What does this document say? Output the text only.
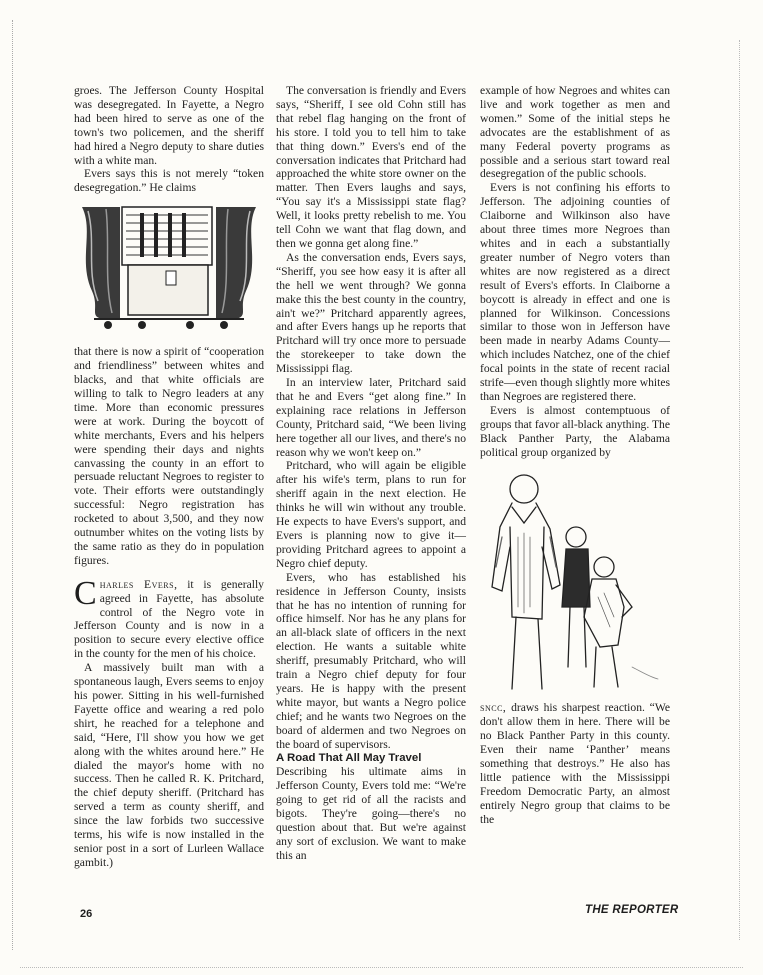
groes. The Jefferson County Hospital was desegregated. In Fayette, a Negro had been hired to serve as one of the town's two policemen, and the sheriff had hired a Negro deputy to share duties with a white man.

Evers says this is not merely “token desegregation.” He claims

that there is now a spirit of “cooperation and friendliness” between whites and blacks, and that white officials are willing to talk to Negro leaders at any time. More than economic pressures were at work. During the boycott of white merchants, Evers and his helpers were spending their days and nights canvassing the county in an effort to persuade reluctant Negroes to register to vote. Their efforts were outstandingly successful: Negro registration has rocketed to about 3,500, and they now outnumber whites on the voting lists by the same ratio as they do in population figures.

Charles Evers, it is generally agreed in Fayette, has absolute control of the Negro vote in Jefferson County and is now in a position to secure every elective office in the county for the men of his choice.

A massively built man with a spontaneous laugh, Evers seems to enjoy his power. Sitting in his well-furnished Fayette office and wearing a red polo shirt, he reached for a telephone and said, “Here, I'll show you how we get along with the whites around here.” He dialed the mayor's home with no success. Then he called R. K. Pritchard, the chief deputy sheriff. (Pritchard has served a term as county sheriff, and since the law forbids two successive terms, his wife is now installed in the senior post in a sort of Lurleen Wallace gambit.)

The conversation is friendly and Evers says, “Sheriff, I see old Cohn still has that rebel flag hanging on the front of his store. I told you to tell him to take that thing down.” Evers's end of the conversation indicates that Pritchard had approached the white store owner on the matter. Then Evers laughs and says, “You say it's a Mississippi state flag? Well, it looks pretty rebelish to me. You tell Cohn we want that flag down, and then we gonna get along fine.”

As the conversation ends, Evers says, “Sheriff, you see how easy it is after all the hell we went through? We gonna make this the best county in the country, ain't we?” Pritchard apparently agrees, and after Evers hangs up he reports that Pritchard will try once more to persuade the storekeeper to take down the Mississippi flag.

In an interview later, Pritchard said that he and Evers “get along fine.” In explaining race relations in Jefferson County, Pritchard said, “We been living here together all our lives, and there's no reason why we won't keep on.”

Pritchard, who will again be eligible after his wife's term, plans to run for sheriff again in the next election. He thinks he will win without any trouble. He expects to have Evers's support, and Evers is planning now to give it—providing Pritchard agrees to appoint a Negro chief deputy.

Evers, who has established his residence in Jefferson County, insists that he has no intention of running for office himself. Nor has he any plans for an all-black slate of officers in the next election. He wants a suitable white sheriff, presumably Pritchard, who will train a Negro chief deputy for four years. He is happy with the present white mayor, but wants a Negro police chief; and he wants two Negroes on the board of aldermen and two Negroes on the board of supervisors.

A Road That All May Travel

Describing his ultimate aims in Jefferson County, Evers told me: “We're going to get rid of all the racists and bigots. They're going—there's no question about that. But we're against any sort of exclusion. We want to make this an

example of how Negroes and whites can live and work together as men and women.” Some of the initial steps he advocates are the establishment of as many Federal poverty programs as possible and a serious start toward real desegregation of the public schools.

Evers is not confining his efforts to Jefferson. The adjoining counties of Claiborne and Wilkinson also have about three times more Negroes than whites and in each a substantially greater number of Negro voters than whites are now registered as a direct result of Evers's efforts. In Claiborne a boycott is already in effect and one is planned for Wilkinson. Concessions similar to those won in Jefferson have been made in nearby Adams County—which includes Natchez, one of the chief focal points in the state of recent racial strife—even though slightly more whites than Negroes are registered there.

Evers is almost contemptuous of groups that favor all-black anything. The Black Panther Party, the Alabama political group organized by

sncc, draws his sharpest reaction. “We don't allow them in here. There will be no Black Panther Party in this county. Even their name ‘Panther’ means something that destroys.” He also has little patience with the Mississippi Freedom Democratic Party, an almost entirely Negro group that claims to be the

26	THE REPORTER
